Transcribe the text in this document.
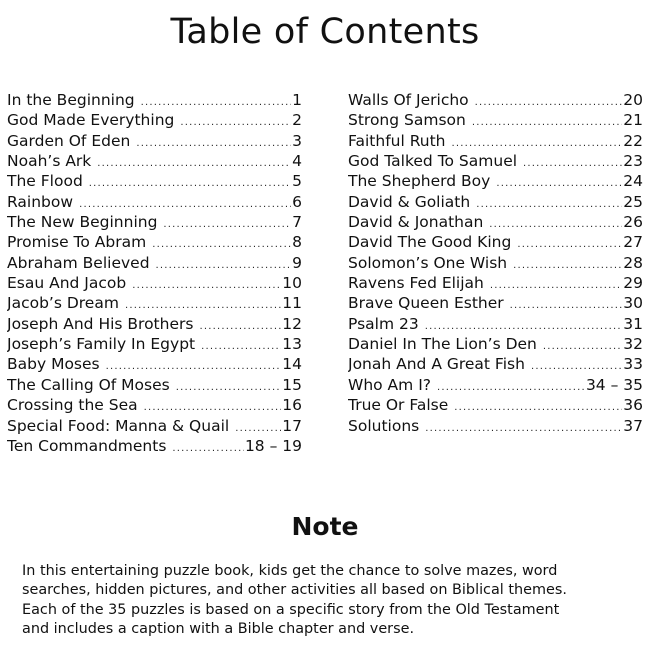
Table of Contents
In the Beginning .....	1
God Made Everything .....	2
Garden Of Eden .....	3
Noah’s Ark .....	4
The Flood .....	5
Rainbow .....	6
The New Beginning .....	7
Promise To Abram .....	8
Abraham Believed .....	9
Esau And Jacob .....	10
Jacob’s Dream .....	11
Joseph And His Brothers .....	12
Joseph’s Family In Egypt .....	13
Baby Moses .....	14
The Calling Of Moses .....	15
Crossing the Sea .....	16
Special Food: Manna & Quail .....	17
Ten Commandments .....	18 – 19
Walls Of Jericho .....	20
Strong Samson .....	21
Faithful Ruth .....	22
God Talked To Samuel .....	23
The Shepherd Boy .....	24
David & Goliath .....	25
David & Jonathan .....	26
David The Good King .....	27
Solomon’s One Wish .....	28
Ravens Fed Elijah .....	29
Brave Queen Esther .....	30
Psalm 23 .....	31
Daniel In The Lion’s Den .....	32
Jonah And A Great Fish .....	33
Who Am I? .....	34 – 35
True Or False .....	36
Solutions .....	37
Note
In this entertaining puzzle book, kids get the chance to solve mazes, word
searches, hidden pictures, and other activities all based on Biblical themes.
Each of the 35 puzzles is based on a specific story from the Old Testament
and includes a caption with a Bible chapter and verse.
